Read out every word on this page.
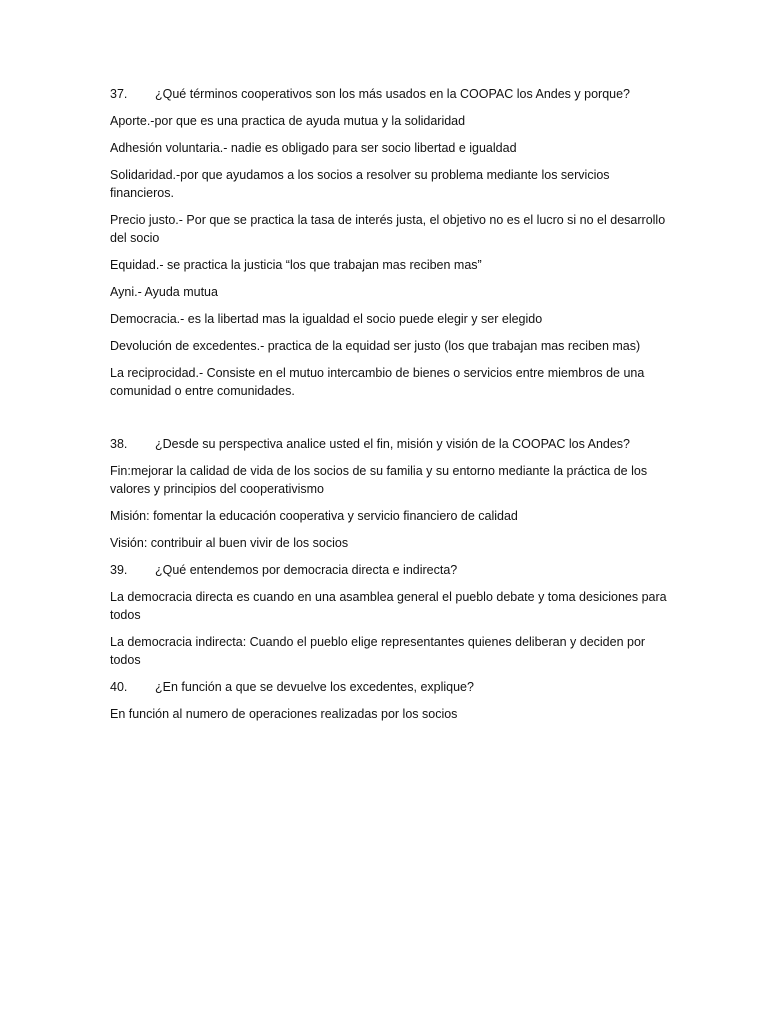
37.	¿Qué términos cooperativos son los más usados en la COOPAC los Andes y porque?
Aporte.-por que es una practica de ayuda mutua y la solidaridad
Adhesión voluntaria.- nadie es obligado para ser socio libertad e igualdad
Solidaridad.-por que ayudamos a los socios a resolver su problema mediante los servicios financieros.
Precio justo.- Por que se practica la tasa de interés justa, el objetivo no es el lucro si no el desarrollo del socio
Equidad.- se practica la justicia “los que trabajan mas reciben mas”
Ayni.- Ayuda mutua
Democracia.- es la libertad mas la igualdad el socio puede elegir y ser elegido
Devolución de excedentes.- practica de la equidad ser justo (los que trabajan mas reciben mas)
La reciprocidad.- Consiste en el mutuo intercambio de bienes o servicios entre miembros de una comunidad o entre comunidades.
38.	¿Desde su perspectiva analice usted el fin, misión y visión de la COOPAC los Andes?
Fin:mejorar la calidad de vida de los socios de su familia y su entorno mediante la práctica de los valores y principios del cooperativismo
Misión: fomentar la educación cooperativa y servicio financiero de calidad
Visión: contribuir al buen vivir de los socios
39.	¿Qué entendemos por democracia directa e indirecta?
La democracia directa es cuando en una asamblea general el pueblo debate y toma desiciones para todos
La democracia indirecta: Cuando el pueblo elige representantes quienes deliberan y deciden por todos
40.	¿En función a que se devuelve los excedentes, explique?
En función al numero de operaciones realizadas por los socios
